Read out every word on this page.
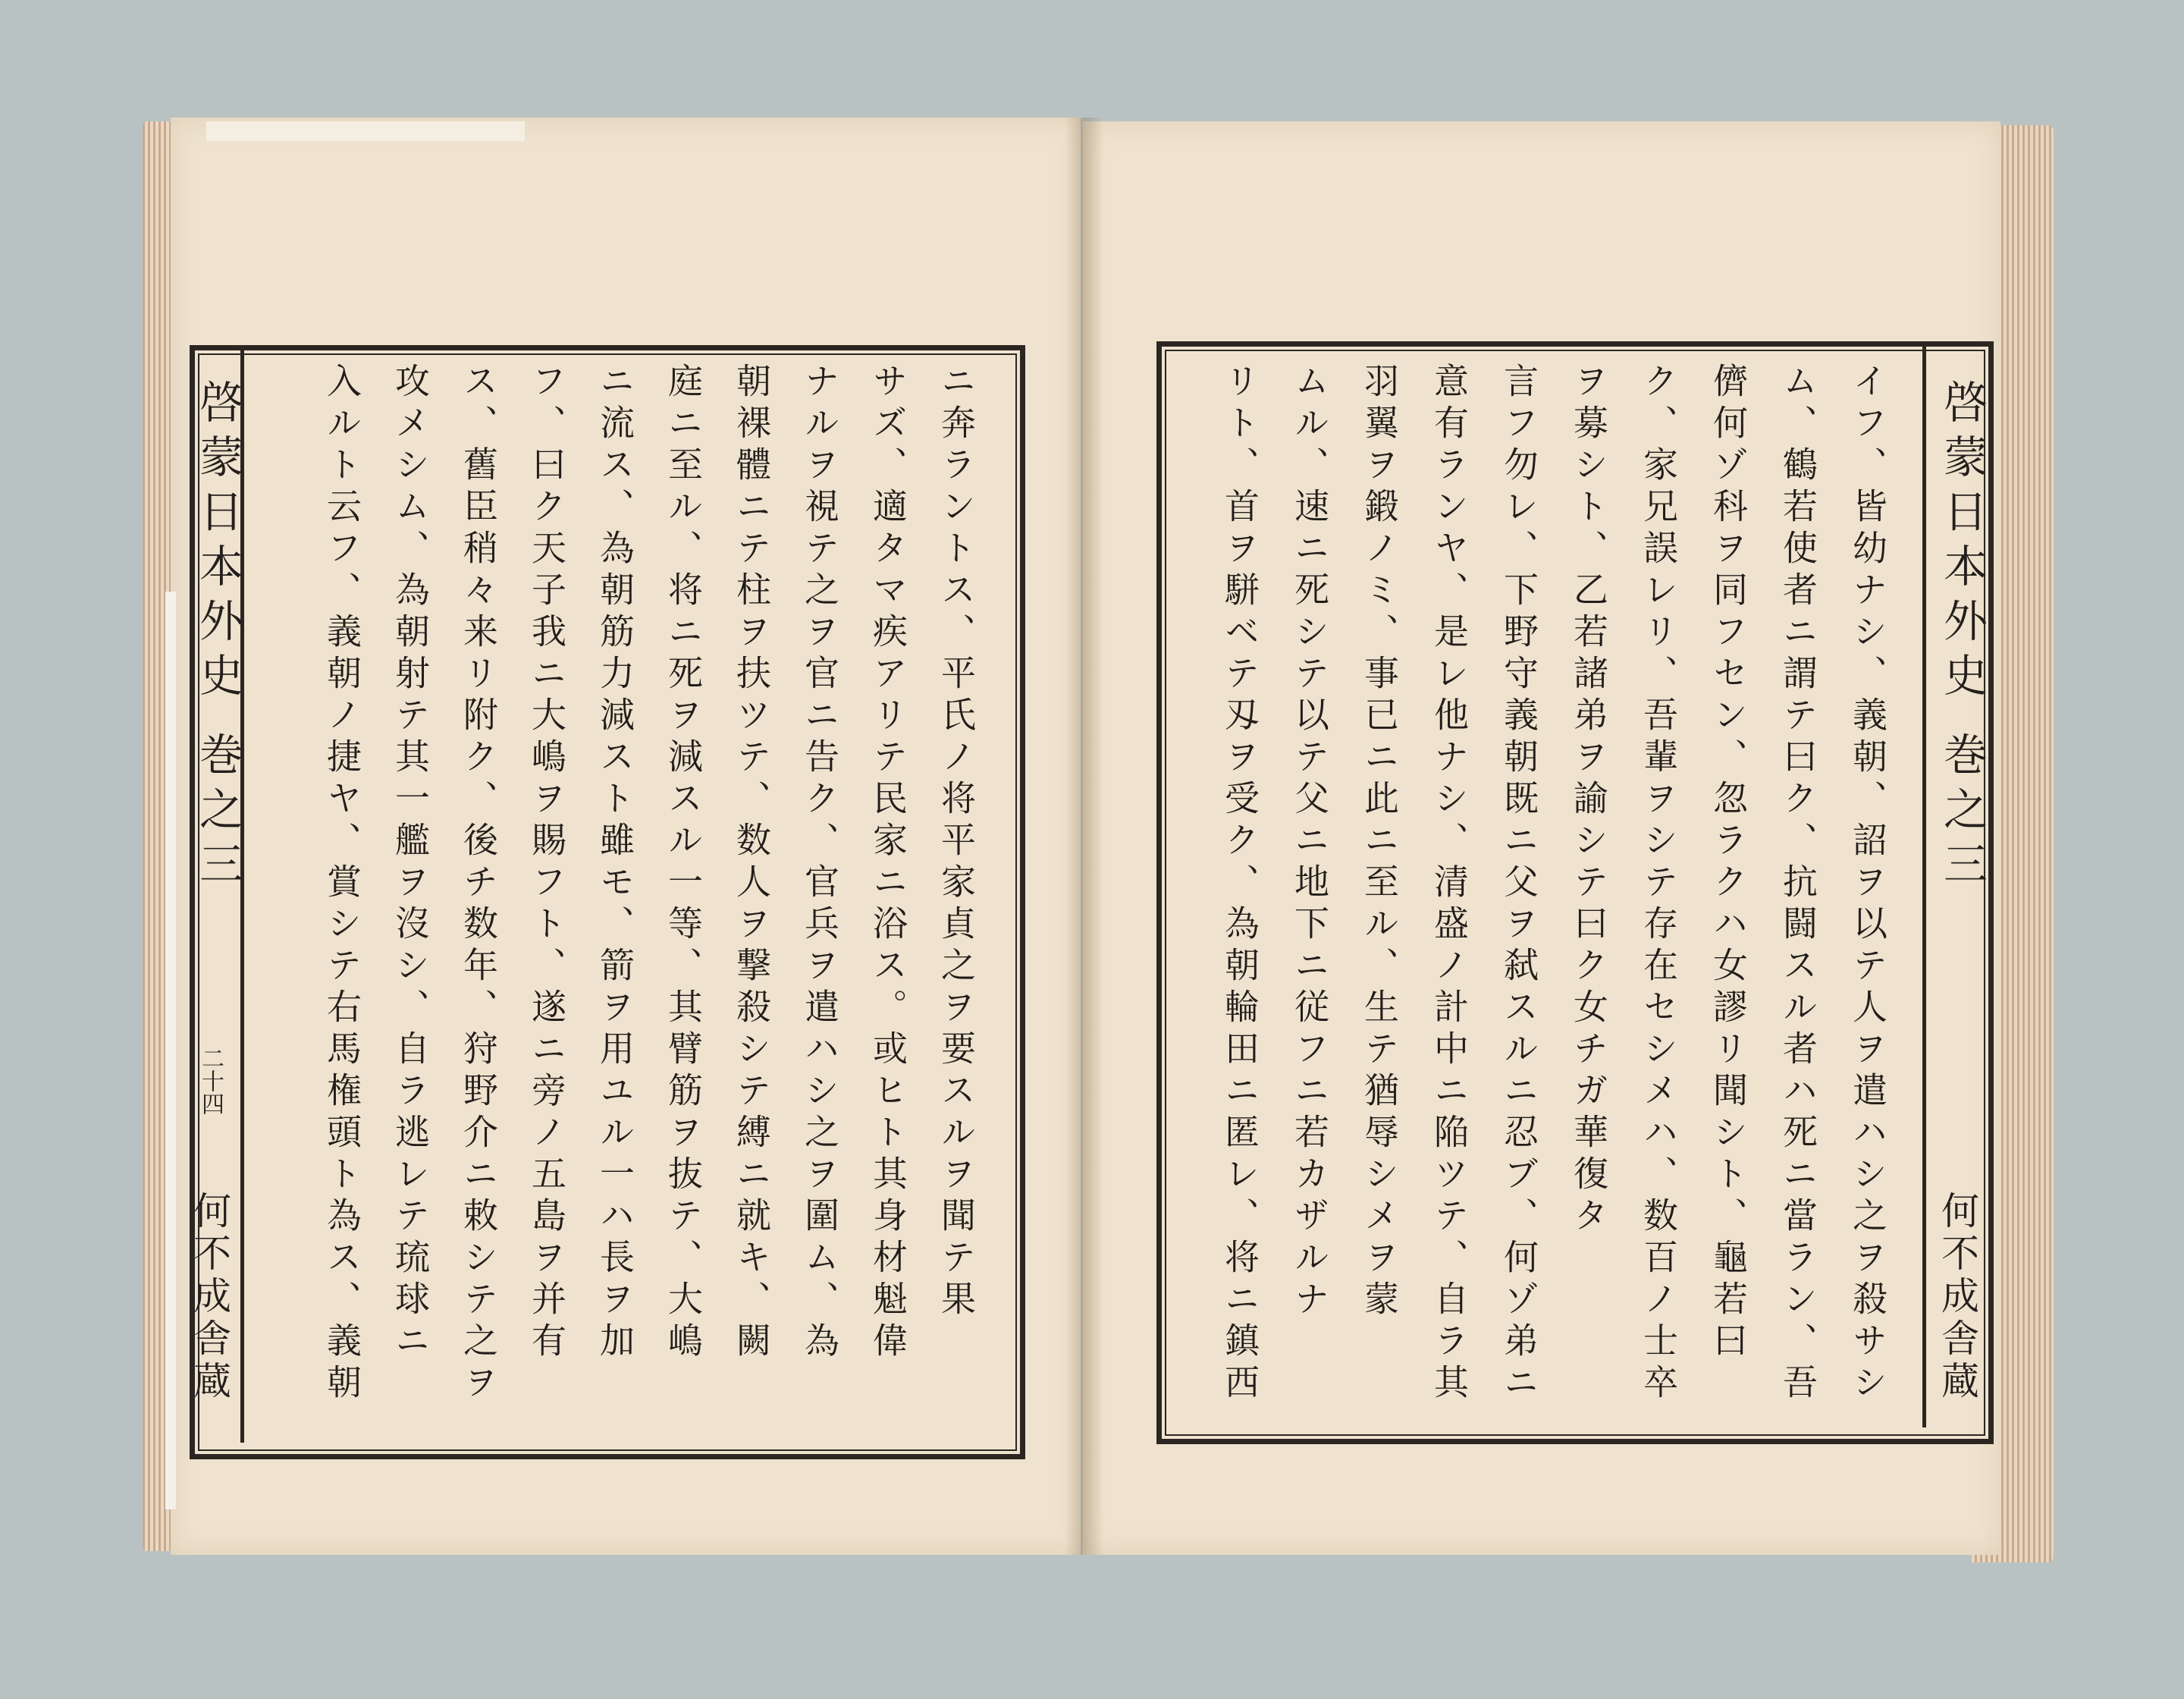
啓蒙日本外史 巻之三
二十四
何不成舎蔵	ニ奔ラントス、平氏ノ将平家貞之ヲ要スルヲ聞テ果
サズ、適タマ疾アリテ民家ニ浴ス。或ヒト其身材魁偉
ナルヲ視テ之ヲ官ニ告ク、官兵ヲ遣ハシ之ヲ圍ム、為
朝裸體ニテ柱ヲ扶ツテ、数人ヲ撃殺シテ縛ニ就キ、闕
庭ニ至ル、将ニ死ヲ減スル一等、其臂筋ヲ抜テ、大嶋
ニ流ス、為朝筋力減スト雖モ、箭ヲ用ユル一ハ長ヲ加
フ、曰ク天子我ニ大嶋ヲ賜フト、遂ニ旁ノ五島ヲ并有
ス、舊臣稍々来リ附ク、後チ数年、狩野介ニ敕シテ之ヲ
攻メシム、為朝射テ其一艦ヲ沒シ、自ラ逃レテ琉球ニ
入ルト云フ、義朝ノ捷ヤ、賞シテ右馬権頭ト為ス、義朝	啓蒙日本外史 巻之三
何不成舎蔵
イフ、皆幼ナシ、義朝、詔ヲ以テ人ヲ遣ハシ之ヲ殺サシ
ム、鶴若使者ニ謂テ曰ク、抗闘スル者ハ死ニ當ラン、吾
儕何ゾ科ヲ同フセン、忽ラクハ女謬リ聞シト、龜若曰
ク、家兄誤レリ、吾輩ヲシテ存在セシメハ、数百ノ士卒
ヲ募シト、乙若諸弟ヲ諭シテ曰ク女チガ華復タ
言フ勿レ、下野守義朝既ニ父ヲ弑スルニ忍ブ、何ゾ弟ニ
意有ランヤ、是レ他ナシ、清盛ノ計中ニ陥ツテ、自ラ其
羽翼ヲ鍛ノミ、事已ニ此ニ至ル、生テ猶辱シメヲ蒙
ムル、速ニ死シテ以テ父ニ地下ニ従フニ若カザルナ
リト、首ヲ駢ベテ刄ヲ受ク、為朝輪田ニ匿レ、将ニ鎮西
